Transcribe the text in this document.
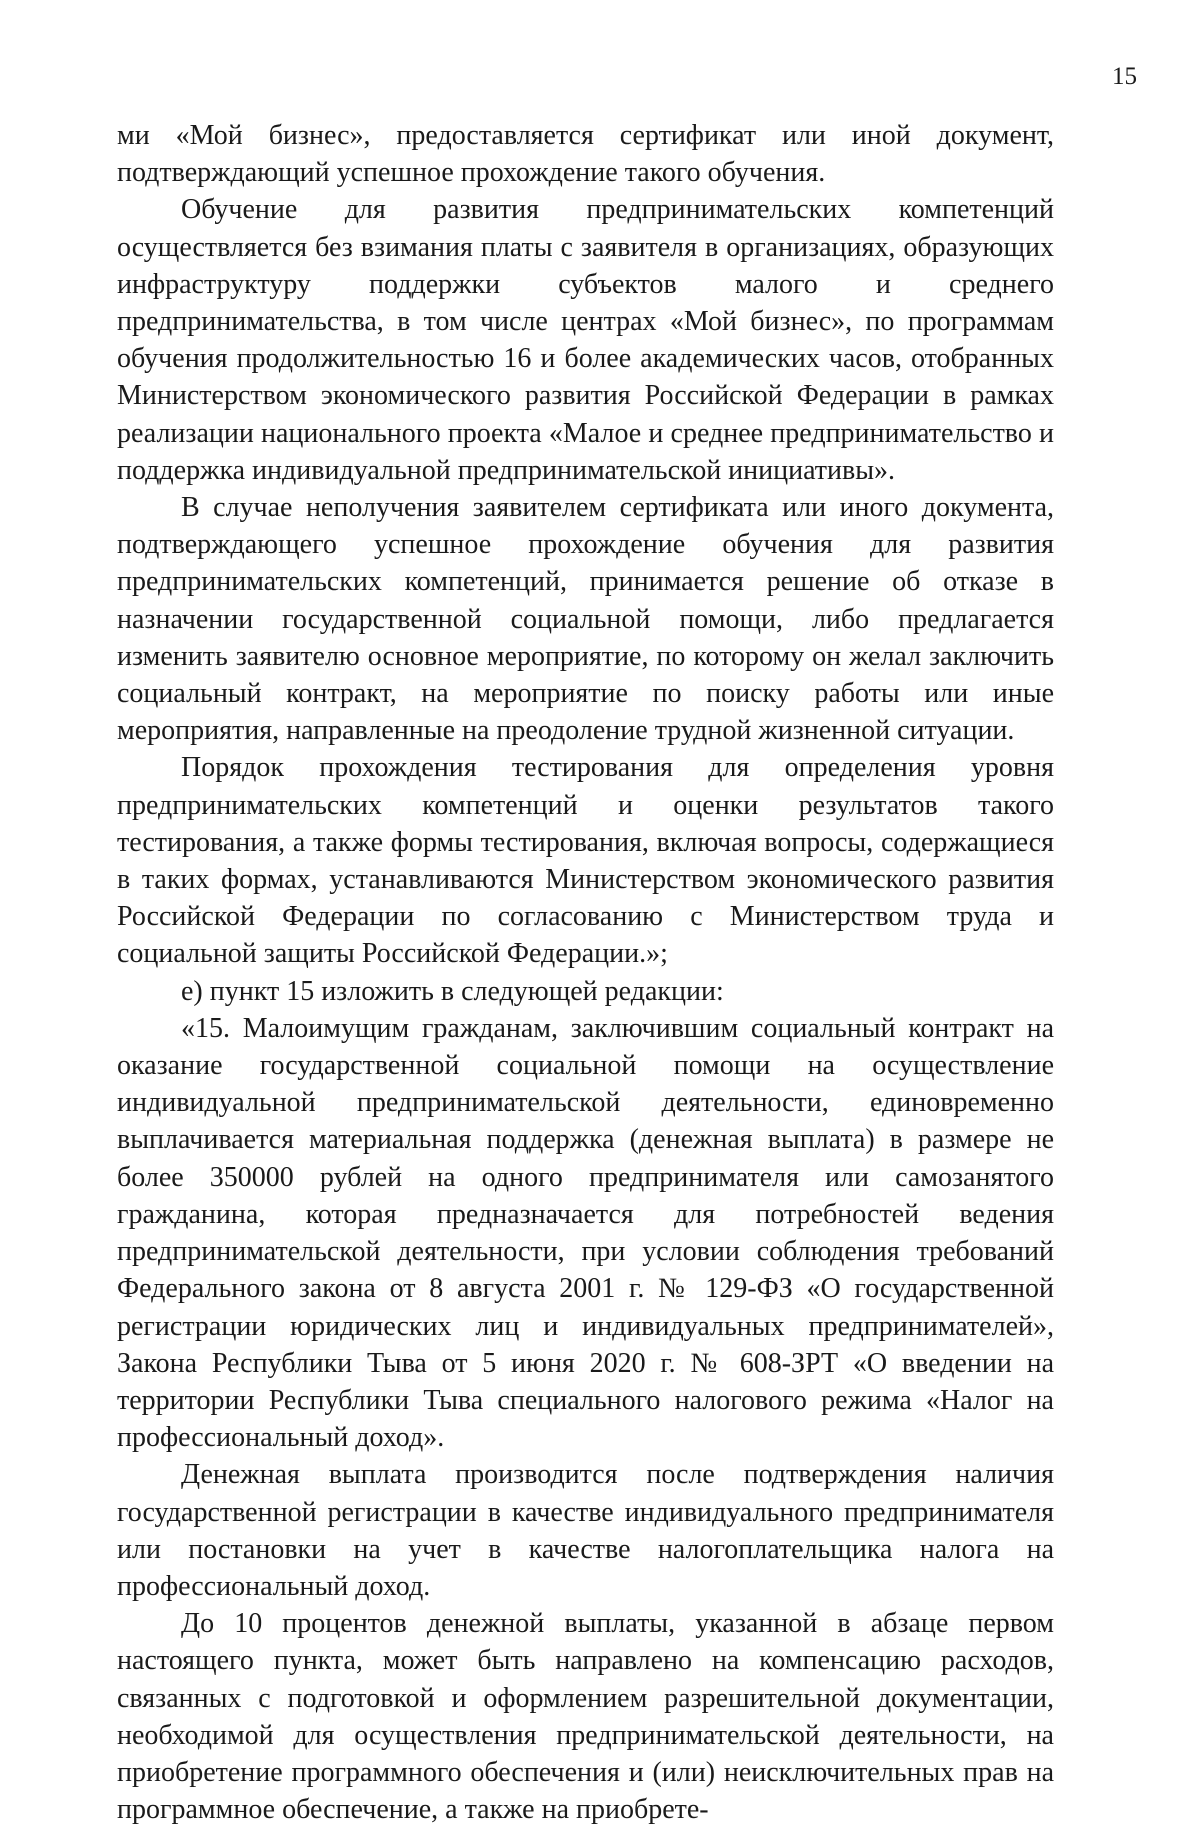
15

ми «Мой бизнес», предоставляется сертификат или иной документ, подтверждающий успешное прохождение такого обучения.

Обучение для развития предпринимательских компетенций осуществляется без взимания платы с заявителя в организациях, образующих инфраструктуру поддержки субъектов малого и среднего предпринимательства, в том числе центрах «Мой бизнес», по программам обучения продолжительностью 16 и более академических часов, отобранных Министерством экономического развития Российской Федерации в рамках реализации национального проекта «Малое и среднее предпринимательство и поддержка индивидуальной предпринимательской инициативы».

В случае неполучения заявителем сертификата или иного документа, подтверждающего успешное прохождение обучения для развития предпринимательских компетенций, принимается решение об отказе в назначении государственной социальной помощи, либо предлагается изменить заявителю основное мероприятие, по которому он желал заключить социальный контракт, на мероприятие по поиску работы или иные мероприятия, направленные на преодоление трудной жизненной ситуации.

Порядок прохождения тестирования для определения уровня предпринимательских компетенций и оценки результатов такого тестирования, а также формы тестирования, включая вопросы, содержащиеся в таких формах, устанавливаются Министерством экономического развития Российской Федерации по согласованию с Министерством труда и социальной защиты Российской Федерации.»;

е) пункт 15 изложить в следующей редакции:

«15. Малоимущим гражданам, заключившим социальный контракт на оказание государственной социальной помощи на осуществление индивидуальной предпринимательской деятельности, единовременно выплачивается материальная поддержка (денежная выплата) в размере не более 350000 рублей на одного предпринимателя или самозанятого гражданина, которая предназначается для потребностей ведения предпринимательской деятельности, при условии соблюдения требований Федерального закона от 8 августа 2001 г. № 129-ФЗ «О государственной регистрации юридических лиц и индивидуальных предпринимателей», Закона Республики Тыва от 5 июня 2020 г. № 608-ЗРТ «О введении на территории Республики Тыва специального налогового режима «Налог на профессиональный доход».

Денежная выплата производится после подтверждения наличия государственной регистрации в качестве индивидуального предпринимателя или постановки на учет в качестве налогоплательщика налога на профессиональный доход.

До 10 процентов денежной выплаты, указанной в абзаце первом настоящего пункта, может быть направлено на компенсацию расходов, связанных с подготовкой и оформлением разрешительной документации, необходимой для осуществления предпринимательской деятельности, на приобретение программного обеспечения и (или) неисключительных прав на программное обеспечение, а также на приобрете-
